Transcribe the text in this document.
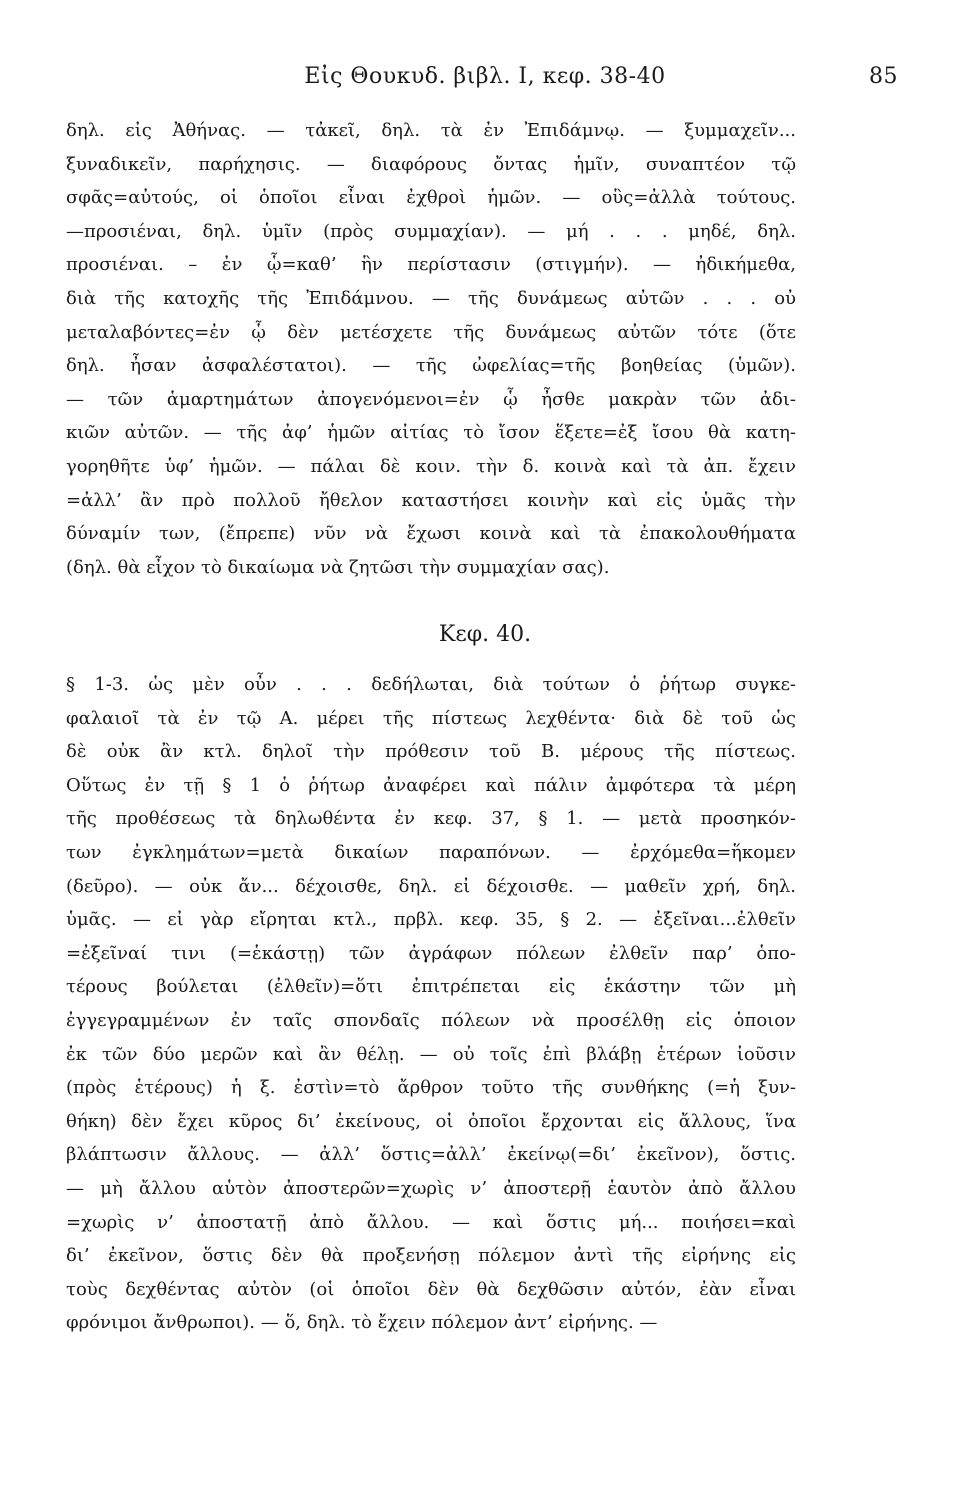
Εἰς Θουκυδ. βιβλ. I, κεφ. 38-40	85
δηλ. εἰς Ἀθήνας. — τἀκεῖ, δηλ. τὰ ἐν Ἐπιδάμνῳ. — ξυμμαχεῖν...
ξυναδικεῖν, παρήχησις. — διαφόρους ὄντας ἡμῖν, συναπτέον τῷ
σφᾶς=αὐτούς, οἱ ὁποῖοι εἶναι ἐχθροὶ ἡμῶν. — οὓς=ἀλλὰ τούτους.
—προσιέναι, δηλ. ὑμῖν (πρὸς συμμαχίαν). — μή . . . μηδέ, δηλ.
προσιέναι. – ἐν ᾧ=καθ’ ἣν περίστασιν (στιγμήν). — ἠδικήμεθα,
διὰ τῆς κατοχῆς τῆς Ἐπιδάμνου. — τῆς δυνάμεως αὐτῶν . . . οὐ
μεταλαβόντες=ἐν ᾧ δὲν μετέσχετε τῆς δυνάμεως αὐτῶν τότε (ὅτε
δηλ. ἦσαν ἀσφαλέστατοι). — τῆς ὠφελίας=τῆς βοηθείας (ὑμῶν).
— τῶν ἁμαρτημάτων ἀπογενόμενοι=ἐν ᾧ ἦσθε μακρὰν τῶν ἀδι-
κιῶν αὐτῶν. — τῆς ἀφ’ ἡμῶν αἰτίας τὸ ἴσον ἕξετε=ἐξ ἴσου θὰ κατη-
γορηθῆτε ὑφ’ ἡμῶν. — πάλαι δὲ κοιν. τὴν δ. κοινὰ καὶ τὰ ἀπ. ἔχειν
=ἀλλ’ ἂν πρὸ πολλοῦ ἤθελον καταστήσει κοινὴν καὶ εἰς ὑμᾶς τὴν
δύναμίν των, (ἔπρεπε) νῦν νὰ ἔχωσι κοινὰ καὶ τὰ ἐπακολουθήματα
(δηλ. θὰ εἶχον τὸ δικαίωμα νὰ ζητῶσι τὴν συμμαχίαν σας).
Κεφ. 40.
§ 1-3. ὡς μὲν οὖν . . . δεδήλωται, διὰ τούτων ὁ ῥήτωρ συγκε-
φαλαιοῖ τὰ ἐν τῷ Α. μέρει τῆς πίστεως λεχθέντα· διὰ δὲ τοῦ ὡς
δὲ οὐκ ἂν κτλ. δηλοῖ τὴν πρόθεσιν τοῦ Β. μέρους τῆς πίστεως.
Οὕτως ἐν τῇ § 1 ὁ ῥήτωρ ἀναφέρει καὶ πάλιν ἀμφότερα τὰ μέρη
τῆς προθέσεως τὰ δηλωθέντα ἐν κεφ. 37, § 1. — μετὰ προσηκόν-
των ἐγκλημάτων=μετὰ δικαίων παραπόνων. — ἐρχόμεθα=ἥκομεν
(δεῦρο). — οὐκ ἄν... δέχοισθε, δηλ. εἰ δέχοισθε. — μαθεῖν χρή, δηλ.
ὑμᾶς. — εἰ γὰρ εἴρηται κτλ., πρβλ. κεφ. 35, § 2. — ἐξεῖναι...ἐλθεῖν
=ἐξεῖναί τινι (=ἑκάστῃ) τῶν ἀγράφων πόλεων ἐλθεῖν παρ’ ὁπο-
τέρους βούλεται (ἐλθεῖν)=ὅτι ἐπιτρέπεται εἰς ἑκάστην τῶν μὴ
ἐγγεγραμμένων ἐν ταῖς σπονδαῖς πόλεων νὰ προσέλθῃ εἰς ὁποιον
ἐκ τῶν δύο μερῶν καὶ ἂν θέλῃ. — οὐ τοῖς ἐπὶ βλάβῃ ἑτέρων ἰοῦσιν
(πρὸς ἑτέρους) ἡ ξ. ἐστὶν=τὸ ἄρθρον τοῦτο τῆς συνθήκης (=ἡ ξυν-
θήκη) δὲν ἔχει κῦρος δι’ ἐκείνους, οἱ ὁποῖοι ἔρχονται εἰς ἄλλους, ἵνα
βλάπτωσιν ἄλλους. — ἀλλ’ ὅστις=ἀλλ’ ἐκείνῳ(=δι’ ἐκεῖνον), ὅστις.
— μὴ ἄλλου αὑτὸν ἀποστερῶν=χωρὶς ν’ ἀποστερῇ ἑαυτὸν ἀπὸ ἄλλου
=χωρὶς ν’ ἀποστατῇ ἀπὸ ἄλλου. — καὶ ὅστις μή... ποιήσει=καὶ
δι’ ἐκεῖνον, ὅστις δὲν θὰ προξενήσῃ πόλεμον ἀντὶ τῆς εἰρήνης εἰς
τοὺς δεχθέντας αὐτὸν (οἱ ὁποῖοι δὲν θὰ δεχθῶσιν αὐτόν, ἐὰν εἶναι
φρόνιμοι ἄνθρωποι). — ὅ, δηλ. τὸ ἔχειν πόλεμον ἀντ’ εἰρήνης. —
